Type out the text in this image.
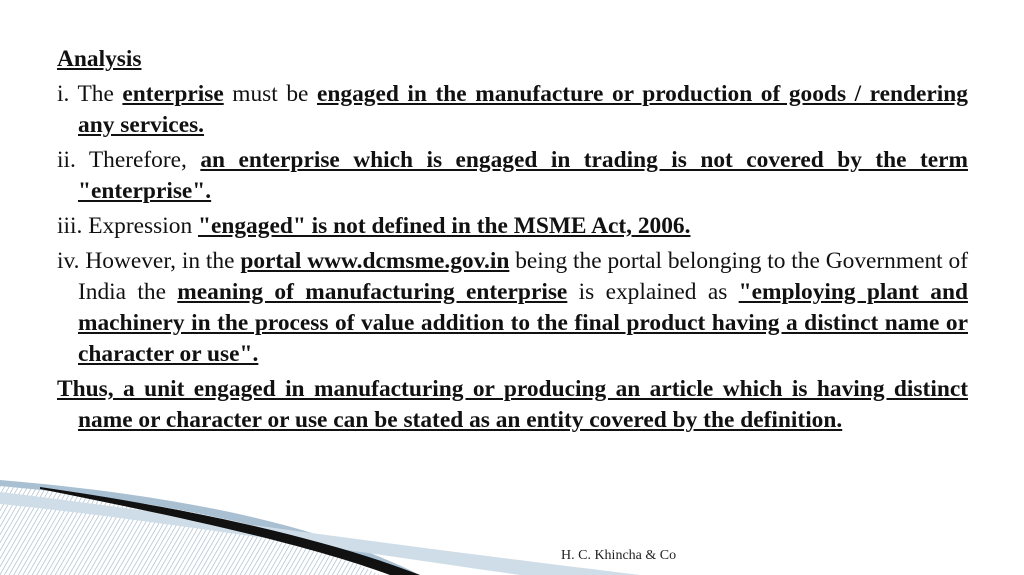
Analysis
i. The enterprise must be engaged in the manufacture or production of goods / rendering any services.
ii. Therefore, an enterprise which is engaged in trading is not covered by the term "enterprise".
iii. Expression "engaged" is not defined in the MSME Act, 2006.
iv. However, in the portal www.dcmsme.gov.in being the portal belonging to the Government of India the meaning of manufacturing enterprise is explained as "employing plant and machinery in the process of value addition to the final product having a distinct name or character or use".
Thus, a unit engaged in manufacturing or producing an article which is having distinct name or character or use can be stated as an entity covered by the definition.
H. C. Khincha & Co
